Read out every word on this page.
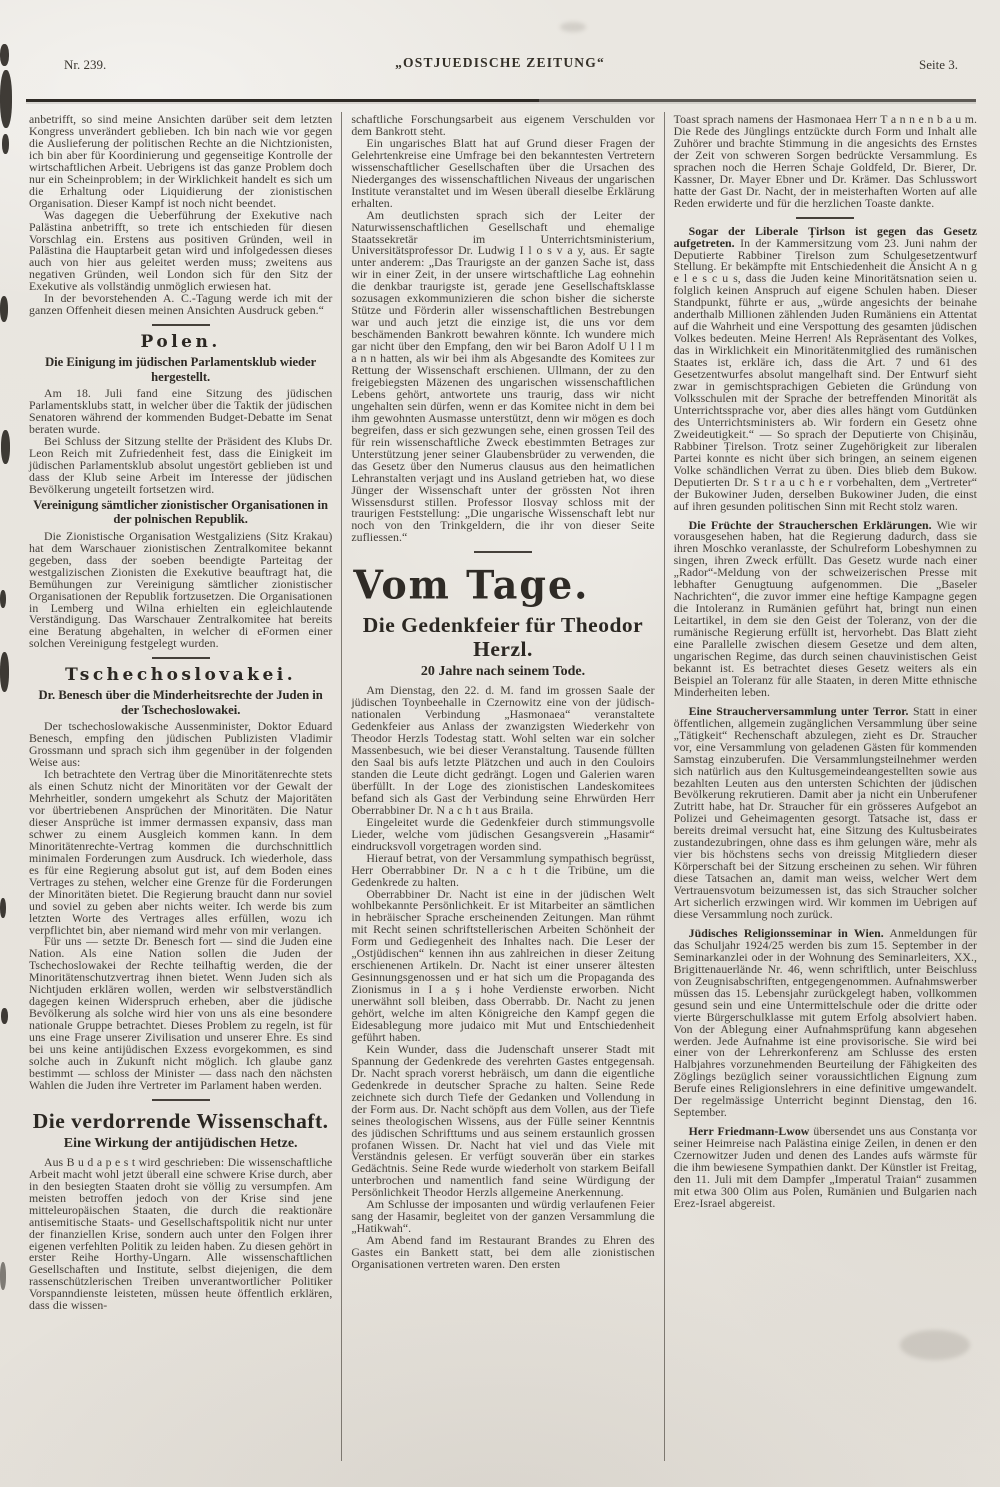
Nr. 239.	„OSTJUEDISCHE ZEITUNG“	Seite 3.

anbetrifft, so sind meine Ansichten darüber seit dem letzten Kongress unverändert geblieben. Ich bin nach wie vor gegen die Auslieferung der politischen Rechte an die Nichtzionisten, ich bin aber für Koordinierung und gegenseitige Kontrolle der wirtschaftlichen Arbeit. Uebrigens ist das ganze Problem doch nur ein Scheinproblem; in der Wirklichkeit handelt es sich um die Erhaltung oder Liquidierung der zionistischen Organisation. Dieser Kampf ist noch nicht beendet.

Was dagegen die Ueberführung der Exekutive nach Palästina anbetrifft, so trete ich entschieden für diesen Vorschlag ein. Erstens aus positiven Gründen, weil in Palästina die Hauptarbeit getan wird und infolgedessen dieses auch von hier aus geleitet werden muss; zweitens aus negativen Gründen, weil London sich für den Sitz der Exekutive als vollständig unmöglich erwiesen hat.

In der bevorstehenden A. C.-Tagung werde ich mit der ganzen Offenheit diesen meinen Ansichten Ausdruck geben.“

Polen.
Die Einigung im jüdischen Parlamentsklub wieder hergestellt.

Am 18. Juli fand eine Sitzung des jüdischen Parlamentsklubs statt, in welcher über die Taktik der jüdischen Senatoren während der kommenden Budget-Debatte im Senat beraten wurde.

Bei Schluss der Sitzung stellte der Präsident des Klubs Dr. Leon Reich mit Zufriedenheit fest, dass die Einigkeit im jüdischen Parlamentsklub absolut ungestört geblieben ist und dass der Klub seine Arbeit im Interesse der jüdischen Bevölkerung ungeteilt fortsetzen wird.

Vereinigung sämtlicher zionistischer Organisationen in der polnischen Republik.

Die Zionistische Organisation Westgaliziens (Sitz Krakau) hat dem Warschauer zionistischen Zentralkomitee bekannt gegeben, dass der soeben beendigte Parteitag der westgalizischen Zionisten die Exekutive beauftragt hat, die Bemühungen zur Vereinigung sämtlicher zionistischer Organisationen der Republik fortzusetzen. Die Organisationen in Lemberg und Wilna erhielten ein egleichlautende Verständigung. Das Warschauer Zentralkomitee hat bereits eine Beratung abgehalten, in welcher di eFormen einer solchen Vereinigung festgelegt wurden.

Tschechoslovakei.
Dr. Benesch über die Minderheitsrechte der Juden in der Tschechoslowakei.

Der tschechoslowakische Aussenminister, Doktor Eduard Benesch, empfing den jüdischen Publizisten Vladimir Grossmann und sprach sich ihm gegenüber in der folgenden Weise aus:

Ich betrachtete den Vertrag über die Minoritätenrechte stets als einen Schutz nicht der Minoritäten vor der Gewalt der Mehrheitler, sondern umgekehrt als Schutz der Majoritäten vor übertriebenen Ansprüchen der Minoritäten. Die Natur dieser Ansprüche ist immer dermassen expansiv, dass man schwer zu einem Ausgleich kommen kann. In dem Minoritätenrechte-Vertrag kommen die durchschnittlich minimalen Forderungen zum Ausdruck. Ich wiederhole, dass es für eine Regierung absolut gut ist, auf dem Boden eines Vertrages zu stehen, welcher eine Grenze für die Forderungen der Minoritäten bietet. Die Regierung braucht dann nur soviel und soviel zu geben aber nichts weiter. Ich werde bis zum letzten Worte des Vertrages alles erfüllen, wozu ich verpflichtet bin, aber niemand wird mehr von mir verlangen.

Für uns — setzte Dr. Benesch fort — sind die Juden eine Nation. Als eine Nation sollen die Juden der Tschechoslowakei der Rechte teilhaftig werden, die der Minoritätenschutzvertrag ihnen bietet. Wenn Juden sich als Nichtjuden erklären wollen, werden wir selbstverständlich dagegen keinen Widerspruch erheben, aber die jüdische Bevölkerung als solche wird hier von uns als eine besondere nationale Gruppe betrachtet. Dieses Problem zu regeln, ist für uns eine Frage unserer Zivilisation und unserer Ehre. Es sind bei uns keine antijüdischen Exzess evorgekommen, es sind solche auch in Zukunft nicht möglich. Ich glaube ganz bestimmt — schloss der Minister — dass nach den nächsten Wahlen die Juden ihre Vertreter im Parlament haben werden.

Die verdorrende Wissenschaft.
Eine Wirkung der antijüdischen Hetze.

Aus B u d a p e s t wird geschrieben: Die wissenschaftliche Arbeit macht wohl jetzt überall eine schwere Krise durch, aber in den besiegten Staaten droht sie völlig zu versumpfen. Am meisten betroffen jedoch von der Krise sind jene mitteleuropäischen Staaten, die durch die reaktionäre antisemitische Staats- und Gesellschaftspolitik nicht nur unter der finanziellen Krise, sondern auch unter den Folgen ihrer eigenen verfehlten Politik zu leiden haben. Zu diesen gehört in erster Reihe Horthy-Ungarn. Alle wissenschaftlichen Gesellschaften und Institute, selbst diejenigen, die dem rassenschützlerischen Treiben unverantwortlicher Politiker Vorspanndienste leisteten, müssen heute öffentlich erklären, dass die wissen-

schaftliche Forschungsarbeit aus eigenem Verschulden vor dem Bankrott steht.

Ein ungarisches Blatt hat auf Grund dieser Fragen der Gelehrtenkreise eine Umfrage bei den bekanntesten Vertretern wissenschaftlicher Gesellschaften über die Ursachen des Niederganges des wissenschaftlichen Niveaus der ungarischen Institute veranstaltet und im Wesen überall dieselbe Erklärung erhalten.

Am deutlichsten sprach sich der Leiter der Naturwissenschaftlichen Gesellschaft und ehemalige Staatssekretär im Unterrichtsministerium, Universitätsprofessor Dr. Ludwig I l o s v a y, aus. Er sagte unter anderem: „Das Traurigste an der ganzen Sache ist, dass wir in einer Zeit, in der unsere wirtschaftliche Lag eohnehin die denkbar traurigste ist, gerade jene Gesellschaftsklasse sozusagen exkommunizieren die schon bisher die sicherste Stütze und Förderin aller wissenschaftlichen Bestrebungen war und auch jetzt die einzige ist, die uns vor dem beschämenden Bankrott bewahren könnte. Ich wundere mich gar nicht über den Empfang, den wir bei Baron Adolf U l l m a n n hatten, als wir bei ihm als Abgesandte des Komitees zur Rettung der Wissenschaft erschienen. Ullmann, der zu den freigebiegsten Mäzenen des ungarischen wissenschaftlichen Lebens gehört, antwortete uns traurig, dass wir nicht ungehalten sein dürfen, wenn er das Komitee nicht in dem bei ihm gewohnten Ausmasse unterstützt, denn wir mögen es doch begreifen, dass er sich gezwungen sehe, einen grossen Teil des für rein wissenschaftliche Zweck ebestimmten Betrages zur Unterstützung jener seiner Glaubensbrüder zu verwenden, die das Gesetz über den Numerus clausus aus den heimatlichen Lehranstalten verjagt und ins Ausland getrieben hat, wo diese Jünger der Wissenschaft unter der grössten Not ihren Wissensdurst stillen. Professor Ilosvay schloss mit der traurigen Feststellung: „Die ungarische Wissenschaft lebt nur noch von den Trinkgeldern, die ihr von dieser Seite zufliessen.“

Vom Tage.
Die Gedenkfeier für Theodor Herzl.
20 Jahre nach seinem Tode.

Am Dienstag, den 22. d. M. fand im grossen Saale der jüdischen Toynbeehalle in Czernowitz eine von der jüdisch-nationalen Verbindung „Hasmonaea“ veranstaltete Gedenkfeier aus Anlass der zwanzigsten Wiederkehr von Theodor Herzls Todestag statt. Wohl selten war ein solcher Massenbesuch, wie bei dieser Veranstaltung. Tausende füllten den Saal bis aufs letzte Plätzchen und auch in den Couloirs standen die Leute dicht gedrängt. Logen und Galerien waren überfüllt. In der Loge des zionistischen Landeskomitees befand sich als Gast der Verbindung seine Ehrwürden Herr Oberrabbiner Dr. N a c h t aus Braila.

Eingeleitet wurde die Gedenkfeier durch stimmungsvolle Lieder, welche vom jüdischen Gesangsverein „Hasamir“ eindrucksvoll vorgetragen worden sind.

Hierauf betrat, von der Versammlung sympathisch begrüsst, Herr Oberrabbiner Dr. N a c h t die Tribüne, um die Gedenkrede zu halten.

Oberrabbiner Dr. Nacht ist eine in der jüdischen Welt wohlbekannte Persönlichkeit. Er ist Mitarbeiter an sämtlichen in hebräischer Sprache erscheinenden Zeitungen. Man rühmt mit Recht seinen schriftstellerischen Arbeiten Schönheit der Form und Gediegenheit des Inhaltes nach. Die Leser der „Ostjüdischen“ kennen ihn aus zahlreichen in dieser Zeitung erschienenen Artikeln. Dr. Nacht ist einer unserer ältesten Gesinnungsgenossen und er hat sich um die Propaganda des Zionismus in I a ș i hohe Verdienste erworben. Nicht unerwähnt soll bleiben, dass Oberrabb. Dr. Nacht zu jenen gehört, welche im alten Königreiche den Kampf gegen die Eidesablegung more judaico mit Mut und Entschiedenheit geführt haben.

Kein Wunder, dass die Judenschaft unserer Stadt mit Spannung der Gedenkrede des verehrten Gastes entgegensah. Dr. Nacht sprach vorerst hebräisch, um dann die eigentliche Gedenkrede in deutscher Sprache zu halten. Seine Rede zeichnete sich durch Tiefe der Gedanken und Vollendung in der Form aus. Dr. Nacht schöpft aus dem Vollen, aus der Tiefe seines theologischen Wissens, aus der Fülle seiner Kenntnis des jüdischen Schrifttums und aus seinem erstaunlich grossen profanen Wissen. Dr. Nacht hat viel und das Viele mit Verständnis gelesen. Er verfügt souverän über ein starkes Gedächtnis. Seine Rede wurde wiederholt von starkem Beifall unterbrochen und namentlich fand seine Würdigung der Persönlichkeit Theodor Herzls allgemeine Anerkennung.

Am Schlusse der imposanten und würdig verlaufenen Feier sang der Hasamir, begleitet von der ganzen Versammlung die „Hatikwah“.

Am Abend fand im Restaurant Brandes zu Ehren des Gastes ein Bankett statt, bei dem alle zionistischen Organisationen vertreten waren. Den ersten

Toast sprach namens der Hasmonaea Herr T a n n e n b a u m. Die Rede des Jünglings entzückte durch Form und Inhalt alle Zuhörer und brachte Stimmung in die angesichts des Ernstes der Zeit von schweren Sorgen bedrückte Versammlung. Es sprachen noch die Herren Schaje Goldfeld, Dr. Bierer, Dr. Kassner, Dr. Mayer Ebner und Dr. Krämer. Das Schlusswort hatte der Gast Dr. Nacht, der in meisterhaften Worten auf alle Reden erwiderte und für die herzlichen Toaste dankte.

Sogar der Liberale Țirlson ist gegen das Gesetz aufgetreten. In der Kammersitzung vom 23. Juni nahm der Deputierte Rabbiner Țirelson zum Schulgesetzentwurf Stellung. Er bekämpfte mit Entschiedenheit die Ansicht A n g e l e s c u s, dass die Juden keine Minoritätsnation seien u. folglich keinen Anspruch auf eigene Schulen haben. Dieser Standpunkt, führte er aus, „würde angesichts der beinahe anderthalb Millionen zählenden Juden Rumäniens ein Attentat auf die Wahrheit und eine Verspottung des gesamten jüdischen Volkes bedeuten. Meine Herren! Als Repräsentant des Volkes, das in Wirklichkeit ein Minoritätenmitglied des rumänischen Staates ist, erkläre ich, dass die Art. 7 und 61 des Gesetzentwurfes absolut mangelhaft sind. Der Entwurf sieht zwar in gemischtsprachigen Gebieten die Gründung von Volksschulen mit der Sprache der betreffenden Minorität als Unterrichtssprache vor, aber dies alles hängt vom Gutdünken des Unterrichtsministers ab. Wir fordern ein Gesetz ohne Zweideutigkeit.“ — So sprach der Deputierte von Chișinău, Rabbiner Țirelson. Trotz seiner Zugehörigkeit zur liberalen Partei konnte es nicht über sich bringen, an seinem eigenen Volke schändlichen Verrat zu üben. Dies blieb dem Bukow. Deputierten Dr. S t r a u c h e r vorbehalten, dem „Vertreter“ der Bukowiner Juden, derselben Bukowiner Juden, die einst auf ihren gesunden politischen Sinn mit Recht stolz waren.

Die Früchte der Straucherschen Erklärungen. Wie wir vorausgesehen haben, hat die Regierung dadurch, dass sie ihren Moschko veranlasste, der Schulreform Lobeshymnen zu singen, ihren Zweck erfüllt. Das Gesetz wurde nach einer „Rador“-Meldung von der schweizerischen Presse mit lebhafter Genugtuung aufgenommen. Die „Baseler Nachrichten“, die zuvor immer eine heftige Kampagne gegen die Intoleranz in Rumänien geführt hat, bringt nun einen Leitartikel, in dem sie den Geist der Toleranz, von der die rumänische Regierung erfüllt ist, hervorhebt. Das Blatt zieht eine Parallelle zwischen diesem Gesetze und dem alten, ungarischen Regime, das durch seinen chauvinistischen Geist bekannt ist. Es betrachtet dieses Gesetz weiters als ein Beispiel an Toleranz für alle Staaten, in deren Mitte ethnische Minderheiten leben.

Eine Straucherversammlung unter Terror. Statt in einer öffentlichen, allgemein zugänglichen Versammlung über seine „Tätigkeit“ Rechenschaft abzulegen, zieht es Dr. Straucher vor, eine Versammlung von geladenen Gästen für kommenden Samstag einzuberufen. Die Versammlungsteilnehmer werden sich natürlich aus den Kultusgemeindeangestellten sowie aus bezahlten Leuten aus den untersten Schichten der jüdischen Bevölkerung rekrutieren. Damit aber ja nicht ein Unberufener Zutritt habe, hat Dr. Straucher für ein grösseres Aufgebot an Polizei und Geheimagenten gesorgt. Tatsache ist, dass er bereits dreimal versucht hat, eine Sitzung des Kultusbeirates zustandezubringen, ohne dass es ihm gelungen wäre, mehr als vier bis höchstens sechs von dreissig Mitgliedern dieser Körperschaft bei der Sitzung erscheinen zu sehen. Wir führen diese Tatsachen an, damit man weiss, welcher Wert dem Vertrauensvotum beizumessen ist, das sich Straucher solcher Art sicherlich erzwingen wird. Wir kommen im Uebrigen auf diese Versammlung noch zurück.

Jüdisches Religionsseminar in Wien. Anmeldungen für das Schuljahr 1924/25 werden bis zum 15. September in der Seminarkanzlei oder in der Wohnung des Seminarleiters, XX., Brigittenauerlände Nr. 46, wenn schriftlich, unter Beischluss von Zeugnisabschriften, entgegengenommen. Aufnahmswerber müssen das 15. Lebensjahr zurückgelegt haben, vollkommen gesund sein und eine Untermittelschule oder die dritte oder vierte Bürgerschulklasse mit gutem Erfolg absolviert haben. Von der Ablegung einer Aufnahmsprüfung kann abgesehen werden. Jede Aufnahme ist eine provisorische. Sie wird bei einer von der Lehrerkonferenz am Schlusse des ersten Halbjahres vorzunehmenden Beurteilung der Fähigkeiten des Zöglings bezüglich seiner voraussichtlichen Eignung zum Berufe eines Religionslehrers in eine definitive umgewandelt. Der regelmässige Unterricht beginnt Dienstag, den 16. September.

Herr Friedmann-Lwow übersendet uns aus Constanța vor seiner Heimreise nach Palästina einige Zeilen, in denen er den Czernowitzer Juden und denen des Landes aufs wärmste für die ihm bewiesene Sympathien dankt. Der Künstler ist Freitag, den 11. Juli mit dem Dampfer „Imperatul Traian“ zusammen mit etwa 300 Olim aus Polen, Rumänien und Bulgarien nach Erez-Israel abgereist.
